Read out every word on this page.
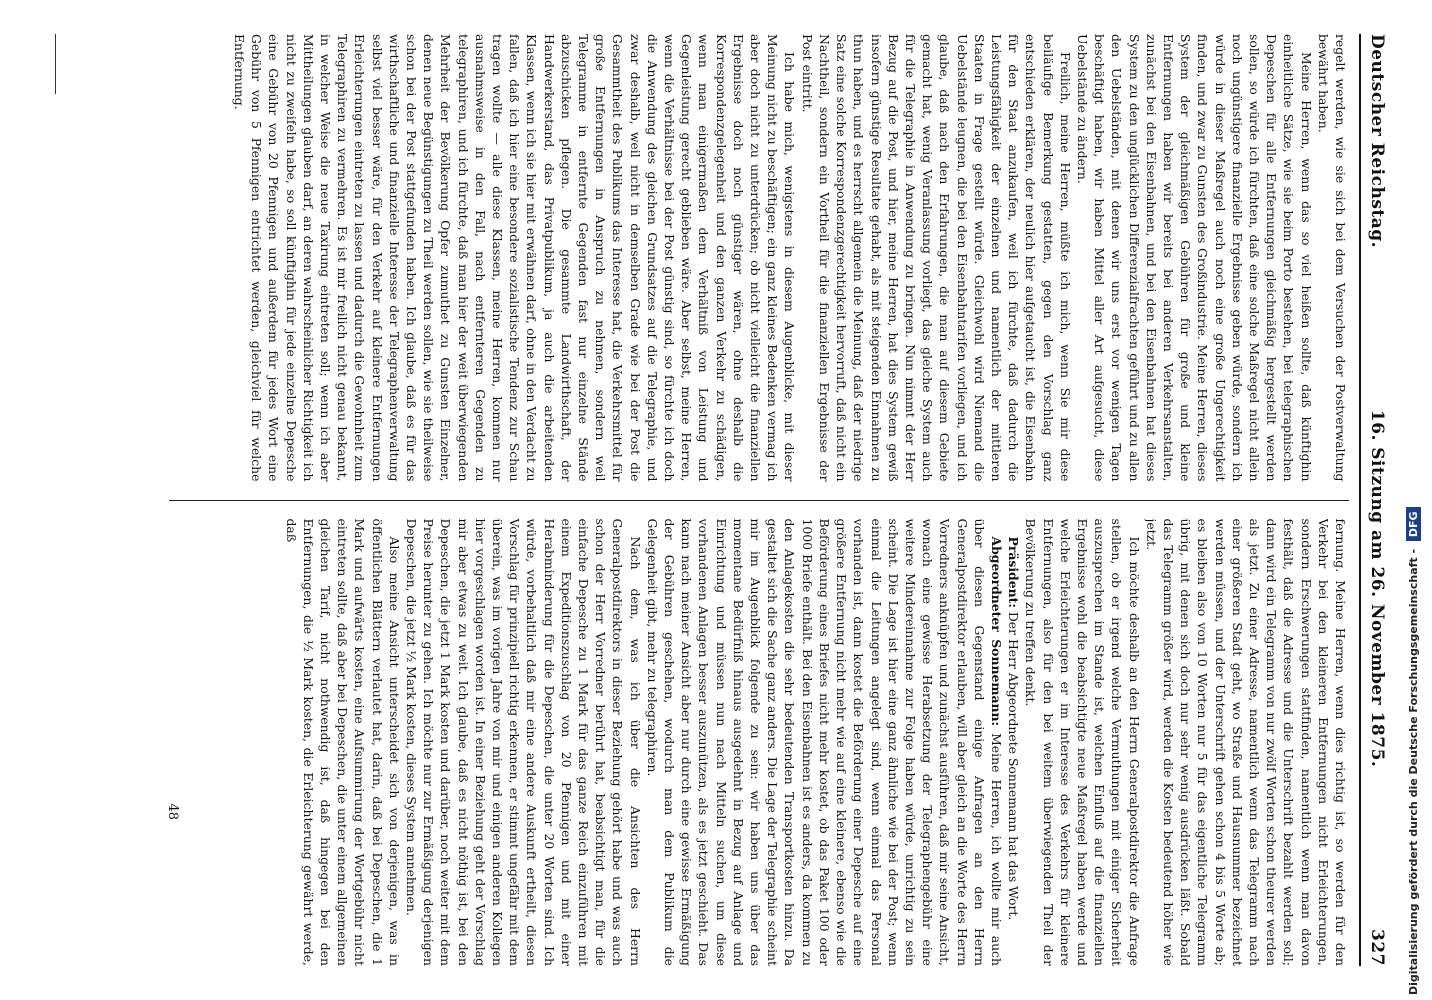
Deutscher Reichstag.
16. Sitzung am 26. November 1875.
327

regelt werden, wie sie sich bei dem Versuchen der Postverwaltung bewährt haben.

Meine Herren, wenn das so viel heißen sollte, daß künftighin einheitliche Sätze, wie sie beim Porto bestehen, bei telegraphischen Depeschen für alle Entfernungen gleichmäßig hergestellt werden sollen, so würde ich fürchten, daß eine solche Maßregel nicht allein noch ungünstigere finanzielle Ergebnisse geben würde, sondern ich würde in dieser Maßregel auch noch eine große Ungerechtigkeit finden, und zwar zu Gunsten des Großindustrie. Meine Herren, dieses System der gleichmäßigen Gebühren für große und kleine Entfernungen haben wir bereits bei anderen Verkehrsanstalten, zunächst bei den Eisenbahnen, und bei den Eisenbahnen hat dieses System zu den unglücklichen Differenzialfrachten geführt und zu allen den Uebelständen, mit denen wir uns erst vor wenigen Tagen beschäftigt haben, wir haben Mittel aller Art aufgesucht, diese Uebelstände zu ändern.

Freilich, meine Herren, müßte ich mich, wenn Sie mir diese beiläufige Bemerkung gestatten, gegen den Vorschlag ganz entschieden erklären, der neulich hier aufgetaucht ist, die Eisenbahn für den Staat anzukaufen, weil ich fürchte, daß dadurch die Leistungsfähigkeit der einzelnen und namentlich der mittleren Staaten in Frage gestellt würde. Gleichwohl wird Niemand die Uebelstände leugnen, die bei den Eisenbahntarifen vorliegen, und ich glaube, daß nach den Erfahrungen, die man auf diesem Gebiete gemacht hat, wenig Veranlassung vorliegt, das gleiche System auch für die Telegraphie in Anwendung zu bringen. Nun nimmt der Herr Bezug auf die Post, und hier, meine Herren, hat dies System gewiß insofern günstige Resultate gehabt, als mit steigenden Einnahmen zu thun haben, und es herrscht allgemein die Meinung, daß der niedrige Satz eine solche Korrespondenzgerechtigkeit hervorruft, daß nicht ein Nachtheil, sondern ein Vortheil für die finanziellen Ergebnisse der Post eintritt.

Ich habe mich, wenigstens in diesem Augenblicke, mit dieser Meinung nicht zu beschäftigen; ein ganz kleines Bedenken vermag ich aber doch nicht zu unterdrücken; ob nicht vielleicht die finanziellen Ergebnisse doch noch günstiger wären, ohne deshalb die Korrespondenzgelegenheit und den ganzen Verkehr zu schädigen, wenn man einigermaßen dem Verhältniß von Leistung und Gegenleistung gerecht geblieben wäre. Aber selbst, meine Herren, wenn die Verhältnisse bei der Post günstig sind, so fürchte ich doch die Anwendung des gleichen Grundsatzes auf die Telegraphie, und zwar deshalb, weil nicht in demselben Grade wie bei der Post die Gesammtheit des Publikums das Interesse hat, die Verkehrsmittel für große Entfernungen in Anspruch zu nehmen, sondern weil Telegramme in entfernte Gegenden fast nur einzelne Stände abzuschicken pflegen. Die gesammte Landwirthschaft, der Handwerkerstand, das Privatpublikum, ja auch die arbeitenden Klassen, wenn ich sie hier mit erwähnen darf, ohne in den Verdacht zu fallen, daß ich hier eine besondere sozialistische Tendenz zur Schau tragen wollte — alle diese Klassen, meine Herren, kommen nur ausnahmsweise in den Fall, nach entfernteren Gegenden zu telegraphiren, und ich fürchte, daß man hier der weit überwiegenden Mehrheit der Bevölkerung Opfer zumuthet zu Gunsten Einzelner, denen neue Begünstigungen zu Theil werden sollen, wie sie theilweise schon bei der Post stattgefunden haben. Ich glaube, daß es für das wirthschaftliche und finanzielle Interesse der Telegraphenverwaltung selbst viel besser wäre, für den Verkehr auf kleinere Entfernungen Erleichterungen eintreten zu lassen und dadurch die Gewohnheit zum Telegraphiren zu vermehren. Es ist mir freilich nicht genau bekannt, in welcher Weise die neue Taxirung eintreten soll; wenn ich aber Mittheilungen glauben darf, an deren wahrscheinlicher Richtigkeit ich nicht zu zweifeln habe, so soll künftighin für jede einzelne Depesche eine Gebühr von 20 Pfennigen und außerdem für jedes Wort eine Gebühr von 5 Pfennigen entrichtet werden, gleichviel für welche Entfernung.

fernung. Meine Herren, wenn dies richtig ist, so werden für den Verkehr bei den kleineren Entfernungen nicht Erleichterungen, sondern Erschwerungen stattfinden, namentlich wenn man davon festhält, daß die Adresse und die Unterschrift bezahlt werden soll; dann wird ein Telegramm von nur zwölf Worten schon theurer werden als jetzt. Zu einer Adresse, namentlich wenn das Telegramm nach einer größeren Stadt geht, wo Straße und Hausnummer bezeichnet werden müssen, und der Unterschrift gehen schon 4 bis 5 Worte ab; es bleiben also von 10 Worten nur 5 für das eigentliche Telegramm übrig, mit denen sich doch nur sehr wenig ausdrücken läßt. Sobald das Telegramm größer wird, werden die Kosten bedeutend höher wie jetzt.

Ich möchte deshalb an den Herrn Generalpostdirektor die Anfrage stellen, ob er irgend welche Vermuthungen mit einiger Sicherheit auszusprechen im Stande ist, welchen Einfluß auf die finanziellen Ergebnisse wohl die beabsichtigte neue Maßregel haben werde und welche Erleichterungen er im Interesse des Verkehrs für kleinere Entfernungen, also für den bei weitem überwiegenden Theil der Bevölkerung zu treffen denkt.

Präsident: Der Herr Abgeordnete Sonnemann hat das Wort.

Abgeordneter Sonnemann: Meine Herren, ich wollte mir auch über diesen Gegenstand einige Anfragen an den Herrn Generalpostdirektor erlauben, will aber gleich an die Worte des Herrn Vorredners anknüpfen und zunächst ausführen, daß mir seine Ansicht, wonach eine gewisse Herabsetzung der Telegraphengebühr eine weitere Mindereinnahme zur Folge haben würde, unrichtig zu sein scheint. Die Lage ist hier eine ganz ähnliche wie bei der Post; wenn einmal die Leitungen angelegt sind, wenn einmal das Personal vorhanden ist, dann kostet die Beförderung einer Depesche auf eine größere Entfernung nicht mehr wie auf eine kleinere, ebenso wie die Beförderung eines Briefes nicht mehr kostet, ob das Paket 100 oder 1000 Briefe enthält. Bei den Eisenbahnen ist es anders, da kommen zu den Anlagekosten die sehr bedeutenden Transportkosten hinzu. Da gestaltet sich die Sache ganz anders. Die Lage der Telegraphie scheint mir im Augenblick folgende zu sein: wir haben uns über das momentane Bedürfniß hinaus ausgedehnt in Bezug auf Anlage und Einrichtung und müssen nun nach Mitteln suchen, um diese vorhandenen Anlagen besser auszunützen, als es jetzt geschieht. Das kann nach meiner Ansicht aber nur durch eine gewisse Ermäßigung der Gebühren geschehen, wodurch man dem Publikum die Gelegenheit gibt, mehr zu telegraphiren.

Nach dem, was ich über die Ansichten des Herrn Generalpostdirektors in dieser Beziehung gehört habe und was auch schon der Herr Vorredner berührt hat, beabsichtigt man, für die einfache Depesche zu 1 Mark für das ganze Reich einzuführen mit einem Expeditionszuschlag von 20 Pfennigen und mit einer Herabminderung für die Depeschen, die unter 20 Worten sind. Ich würde, vorbehaltlich daß mir eine andere Auskunft ertheilt, diesen Vorschlag für prinzipiell richtig erkennen, er stimmt ungefähr mit dem überein, was im vorigen Jahre von mir und einigen anderen Kollegen hier vorgeschlagen worden ist. In einer Beziehung geht der Vorschlag mir aber etwas zu weit. Ich glaube, daß es nicht nöthig ist, bei den Depeschen, die jetzt 1 Mark kosten und darüber, noch weiter mit dem Preise herunter zu gehen. Ich möchte nur zur Ermäßigung derjenigen Depeschen, die jetzt ½ Mark kosten, dieses System annehmen.

Also meine Ansicht unterscheidet sich von derjenigen, was in öffentlichen Blättern verlautet hat, darin, daß bei Depeschen, die 1 Mark und aufwärts kosten, eine Aufsummirung der Wortgebühr nicht eintreten sollte, daß aber bei Depeschen, die unter einem allgemeinen gleichen Tarif, nicht nothwendig ist, daß hingegen bei den Entfernungen, die ½ Mark kosten, die Erleichterung gewährt werde, daß

48	Digitalisierung gefördert durch die Deutsche Forschungsgemeinschaft - DFG
